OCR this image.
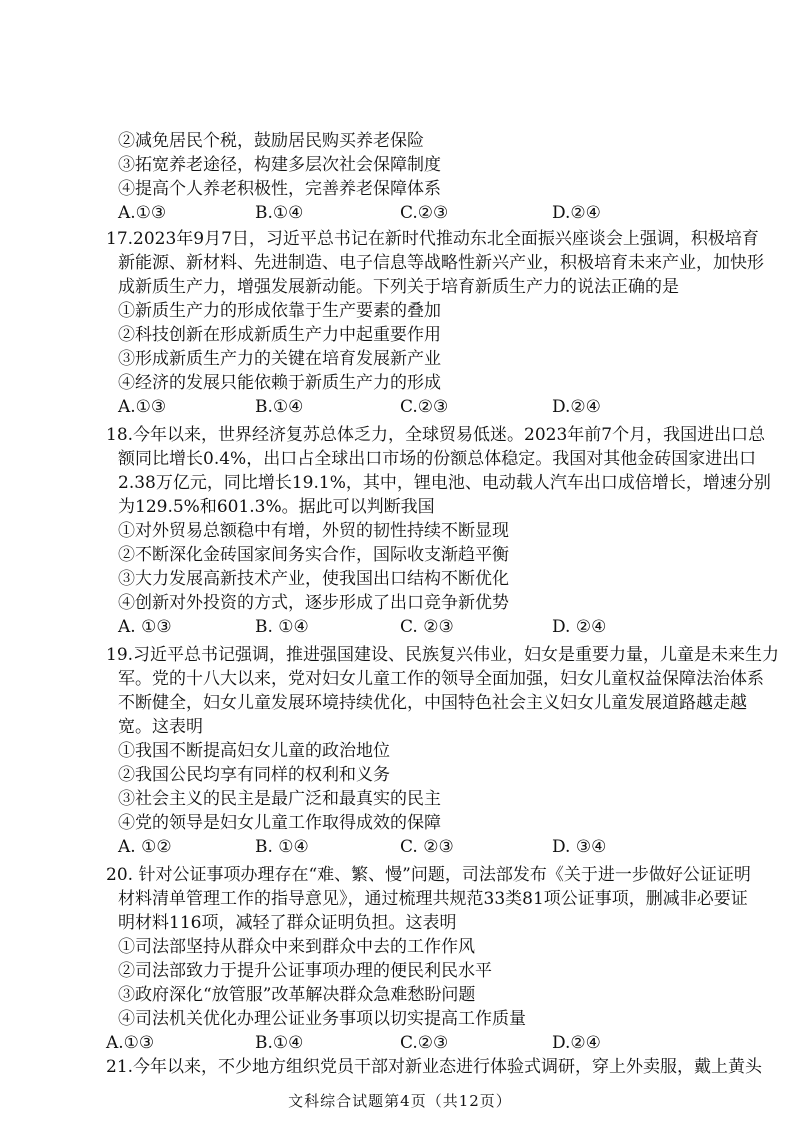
②减免居民个税，鼓励居民购买养老保险
③拓宽养老途径，构建多层次社会保障制度
④提高个人养老积极性，完善养老保障体系
A.①③	B.①④	C.②③	D.②④
17.2023年9月7日，习近平总书记在新时代推动东北全面振兴座谈会上强调，积极培育
新能源、新材料、先进制造、电子信息等战略性新兴产业，积极培育未来产业，加快形
成新质生产力，增强发展新动能。下列关于培育新质生产力的说法正确的是
①新质生产力的形成依靠于生产要素的叠加
②科技创新在形成新质生产力中起重要作用
③形成新质生产力的关键在培育发展新产业
④经济的发展只能依赖于新质生产力的形成
A.①③	B.①④	C.②③	D.②④
18.今年以来，世界经济复苏总体乏力，全球贸易低迷。2023年前7个月，我国进出口总
额同比增长0.4%，出口占全球出口市场的份额总体稳定。我国对其他金砖国家进出口
2.38万亿元，同比增长19.1%，其中，锂电池、电动载人汽车出口成倍增长，增速分别
为129.5%和601.3%。据此可以判断我国
①对外贸易总额稳中有增，外贸的韧性持续不断显现
②不断深化金砖国家间务实合作，国际收支渐趋平衡
③大力发展高新技术产业，使我国出口结构不断优化
④创新对外投资的方式，逐步形成了出口竞争新优势
A. ①③	B. ①④	C. ②③	D. ②④
19.习近平总书记强调，推进强国建设、民族复兴伟业，妇女是重要力量，儿童是未来生力
军。党的十八大以来，党对妇女儿童工作的领导全面加强，妇女儿童权益保障法治体系
不断健全，妇女儿童发展环境持续优化，中国特色社会主义妇女儿童发展道路越走越
宽。这表明
①我国不断提高妇女儿童的政治地位
②我国公民均享有同样的权利和义务
③社会主义的民主是最广泛和最真实的民主
④党的领导是妇女儿童工作取得成效的保障
A. ①②	B. ①④	C. ②③	D. ③④
20. 针对公证事项办理存在“难、繁、慢”问题，司法部发布《关于进一步做好公证证明
材料清单管理工作的指导意见》，通过梳理共规范33类81项公证事项，删减非必要证
明材料116项，减轻了群众证明负担。这表明
①司法部坚持从群众中来到群众中去的工作作风
②司法部致力于提升公证事项办理的便民利民水平
③政府深化“放管服”改革解决群众急难愁盼问题
④司法机关优化办理公证业务事项以切实提高工作质量
文科综合试题第4页（共12页）
A.①③	B.①④	C.②③	D.②④
21.今年以来，不少地方组织党员干部对新业态进行体验式调研，穿上外卖服，戴上黄头
